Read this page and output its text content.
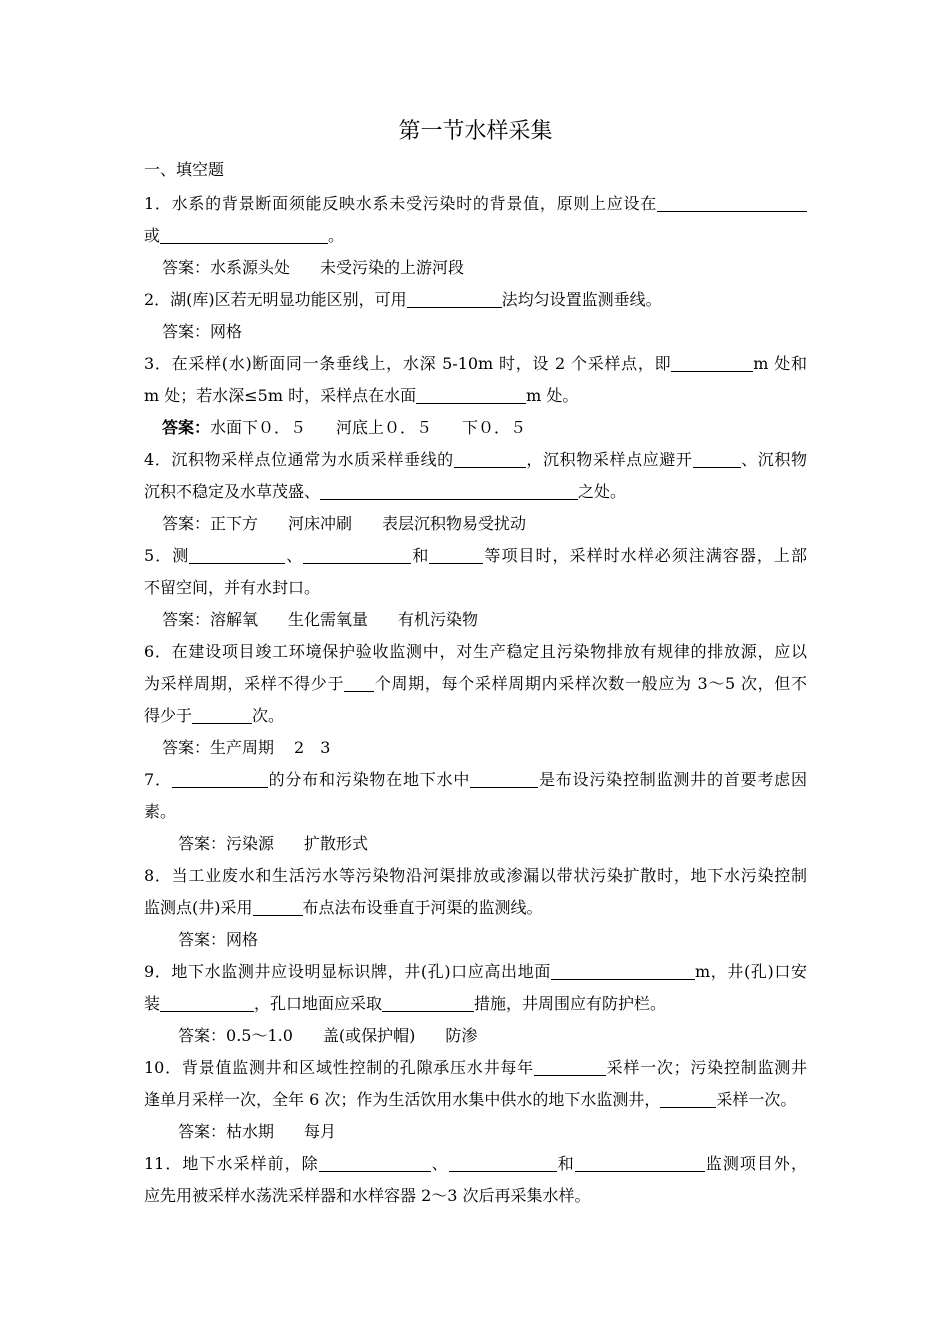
第一节水样采集
一、填空题
1．水系的背景断面须能反映水系未受污染时的背景值，原则上应设在
或	。
答案：水系源头处 未受污染的上游河段
2．湖(库)区若无明显功能区别，可用	法均匀设置监测垂线。
答案：网格
3．在采样(水)断面同一条垂线上，水深 5-10m 时，设 2 个采样点，即	m 处和
m 处；若水深≤5m 时，采样点在水面	m 处。
答案：水面下０．５ 河底上０．５ 下０．５
4．沉积物采样点位通常为水质采样垂线的	，沉积物采样点应避开	、沉积物
沉积不稳定及水草茂盛、	之处。
答案：正下方 河床冲刷 表层沉积物易受扰动
5．测	、	和	等项目时，采样时水样必须注满容器，上部
不留空间，并有水封口。
答案：溶解氧 生化需氧量 有机污染物
6．在建设项目竣工环境保护验收监测中，对生产稳定且污染物排放有规律的排放源，应以
为采样周期，采样不得少于 个周期，每个采样周期内采样次数一般应为 3～5 次，但不
得少于	次。
答案：生产周期 2 3
7．	的分布和污染物在地下水中	是布设污染控制监测井的首要考虑因
素。
答案：污染源 扩散形式
8．当工业废水和生活污水等污染物沿河渠排放或渗漏以带状污染扩散时，地下水污染控制
监测点(井)采用	布点法布设垂直于河渠的监测线。
答案：网格
9．地下水监测井应设明显标识牌，井(孔)口应高出地面	m，井(孔)口安
装	，孔口地面应采取	措施，井周围应有防护栏。
答案：0.5～1.0 盖(或保护帽) 防渗
10．背景值监测井和区域性控制的孔隙承压水井每年	采样一次；污染控制监测井
逢单月采样一次，全年 6 次；作为生活饮用水集中供水的地下水监测井，	采样一次。
答案：枯水期 每月
11．地下水采样前，除	、	和	监测项目外，
应先用被采样水荡洗采样器和水样容器 2～3 次后再采集水样。
